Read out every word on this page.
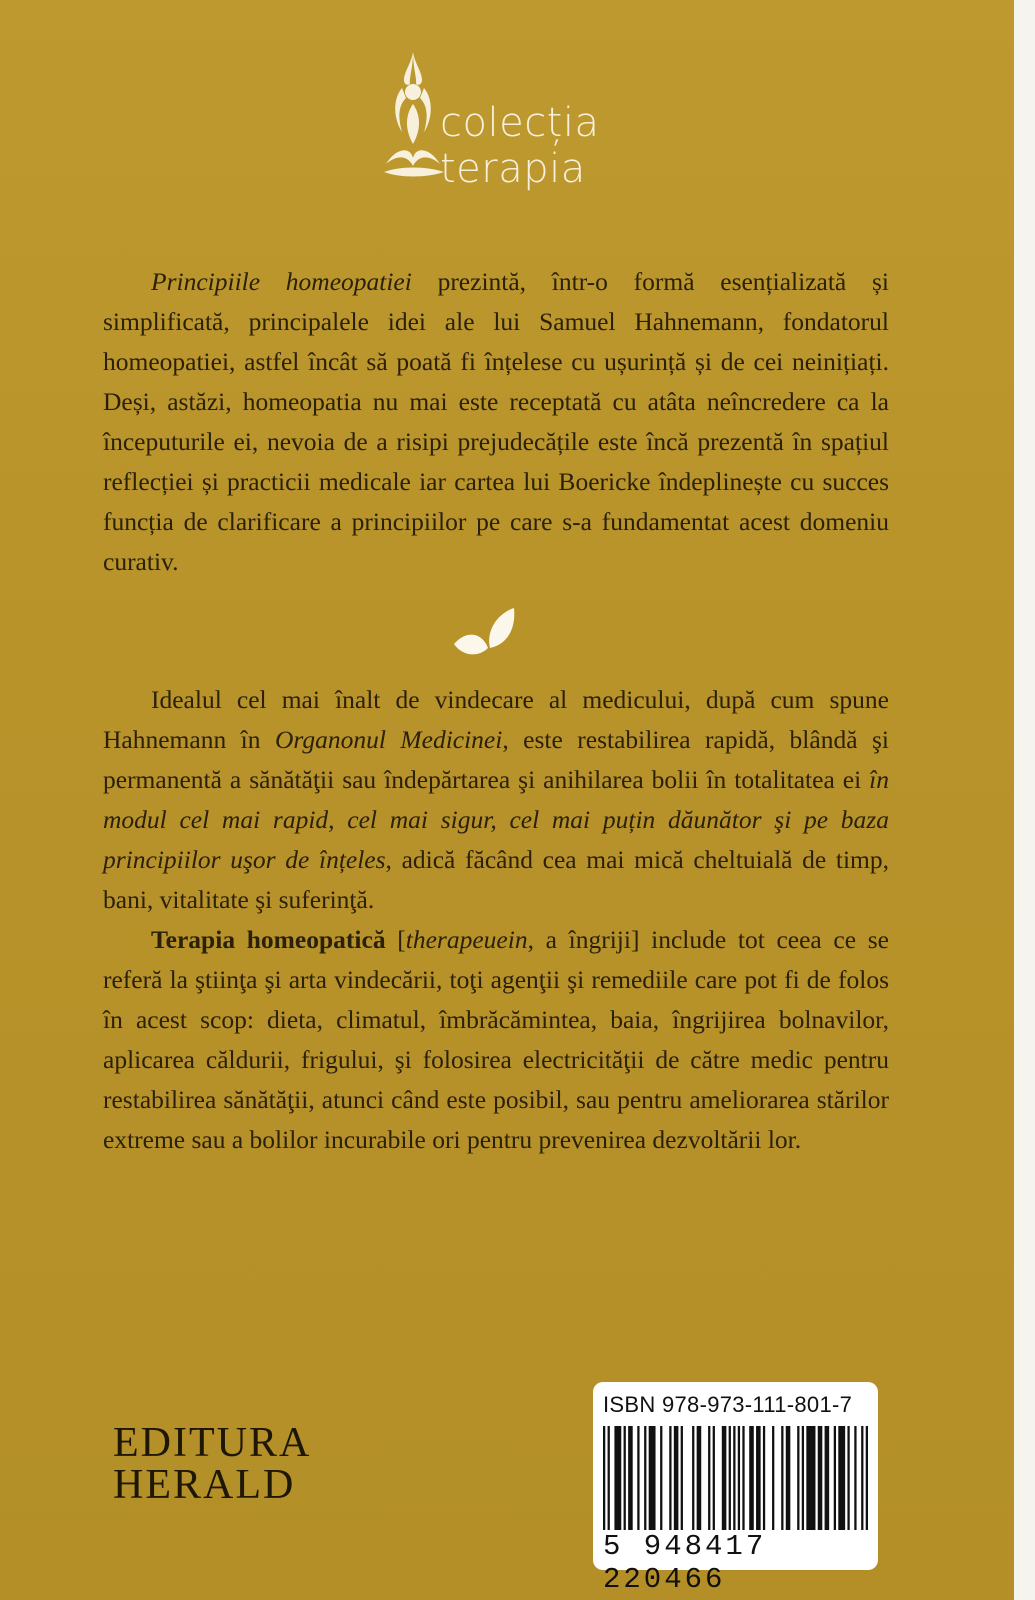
colecția
terapia

Principiile homeopatiei prezintă, într-o formă esențializată și simplificată, principalele idei ale lui Samuel Hahnemann, fondatorul homeopatiei, astfel încât să poată fi înțelese cu ușurință și de cei neinițiați. Deși, astăzi, homeopatia nu mai este receptată cu atâta neîncredere ca la începuturile ei, nevoia de a risipi prejudecățile este încă prezentă în spațiul reflecției și practicii medicale iar cartea lui Boericke îndeplinește cu succes funcția de clarificare a principiilor pe care s-a fundamentat acest domeniu curativ.

Idealul cel mai înalt de vindecare al medicului, după cum spune Hahnemann în Organonul Medicinei, este restabilirea rapidă, blândă şi permanentă a sănătăţii sau îndepărtarea şi anihilarea bolii în totalitatea ei în modul cel mai rapid, cel mai sigur, cel mai puțin dăunător şi pe baza principiilor uşor de înțeles, adică făcând cea mai mică cheltuială de timp, bani, vitalitate şi suferinţă.

Terapia homeopatică [therapeuein, a îngriji] include tot ceea ce se referă la ştiinţa şi arta vindecării, toţi agenţii şi remediile care pot fi de folos în acest scop: dieta, climatul, îmbrăcămintea, baia, îngrijirea bolnavilor, aplicarea căldurii, frigului, şi folosirea electricităţii de către medic pentru restabilirea sănătăţii, atunci când este posibil, sau pentru ameliorarea stărilor extreme sau a bolilor incurabile ori pentru prevenirea dezvoltării lor.

EDITURA
HERALD
ISBN 978-973-111-801-7
5 948417 220466
